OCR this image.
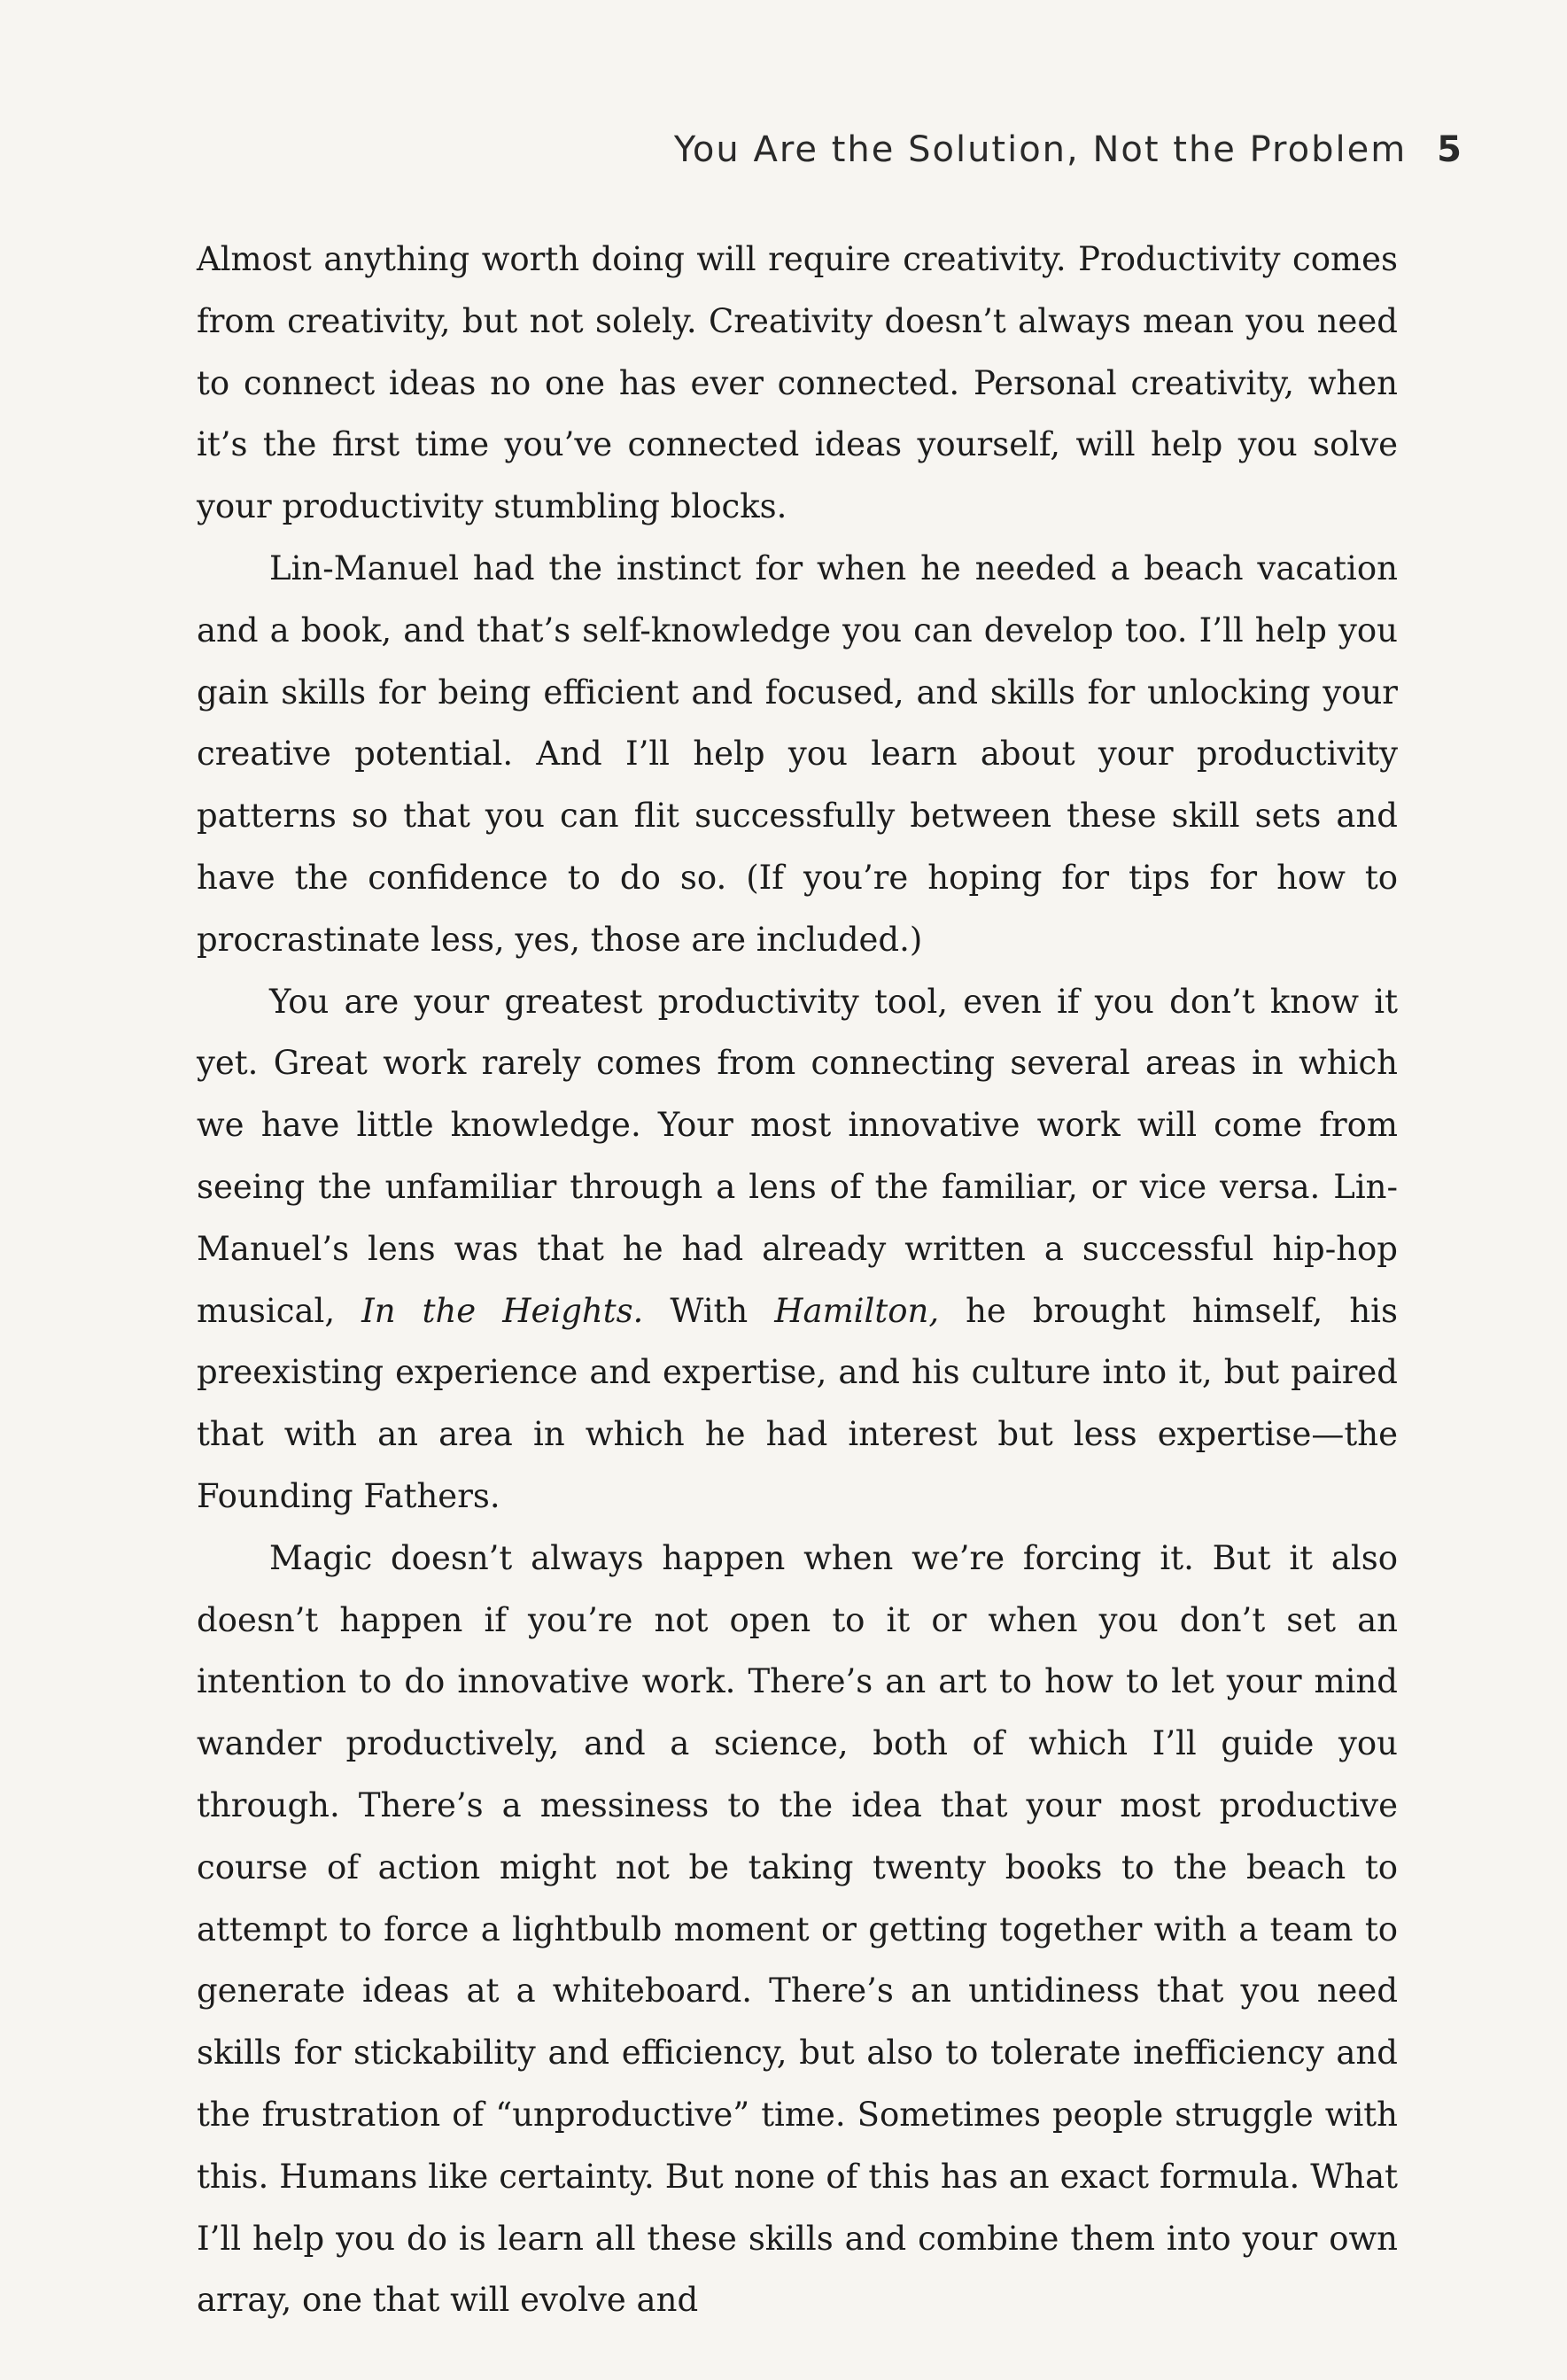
You Are the Solution, Not the Problem 5

Almost anything worth doing will require creativity. Productivity comes from creativity, but not solely. Creativity doesn’t always mean you need to connect ideas no one has ever connected. Personal creativity, when it’s the first time you’ve connected ideas yourself, will help you solve your productivity stumbling blocks.

Lin-Manuel had the instinct for when he needed a beach vacation and a book, and that’s self-knowledge you can develop too. I’ll help you gain skills for being efficient and focused, and skills for unlocking your creative potential. And I’ll help you learn about your productivity patterns so that you can flit successfully between these skill sets and have the confidence to do so. (If you’re hoping for tips for how to procrastinate less, yes, those are included.)

You are your greatest productivity tool, even if you don’t know it yet. Great work rarely comes from connecting several areas in which we have little knowledge. Your most innovative work will come from seeing the unfamiliar through a lens of the familiar, or vice versa. Lin-Manuel’s lens was that he had already written a successful hip-hop musical, In the Heights. With Hamilton, he brought himself, his preexisting experience and expertise, and his culture into it, but paired that with an area in which he had interest but less expertise—the Founding Fathers.

Magic doesn’t always happen when we’re forcing it. But it also doesn’t happen if you’re not open to it or when you don’t set an intention to do innovative work. There’s an art to how to let your mind wander productively, and a science, both of which I’ll guide you through. There’s a messiness to the idea that your most productive course of action might not be taking twenty books to the beach to attempt to force a lightbulb moment or getting together with a team to generate ideas at a whiteboard. There’s an untidiness that you need skills for stickability and efficiency, but also to tolerate inefficiency and the frustration of “unproductive” time. Sometimes people struggle with this. Humans like certainty. But none of this has an exact formula. What I’ll help you do is learn all these skills and combine them into your own array, one that will evolve and
